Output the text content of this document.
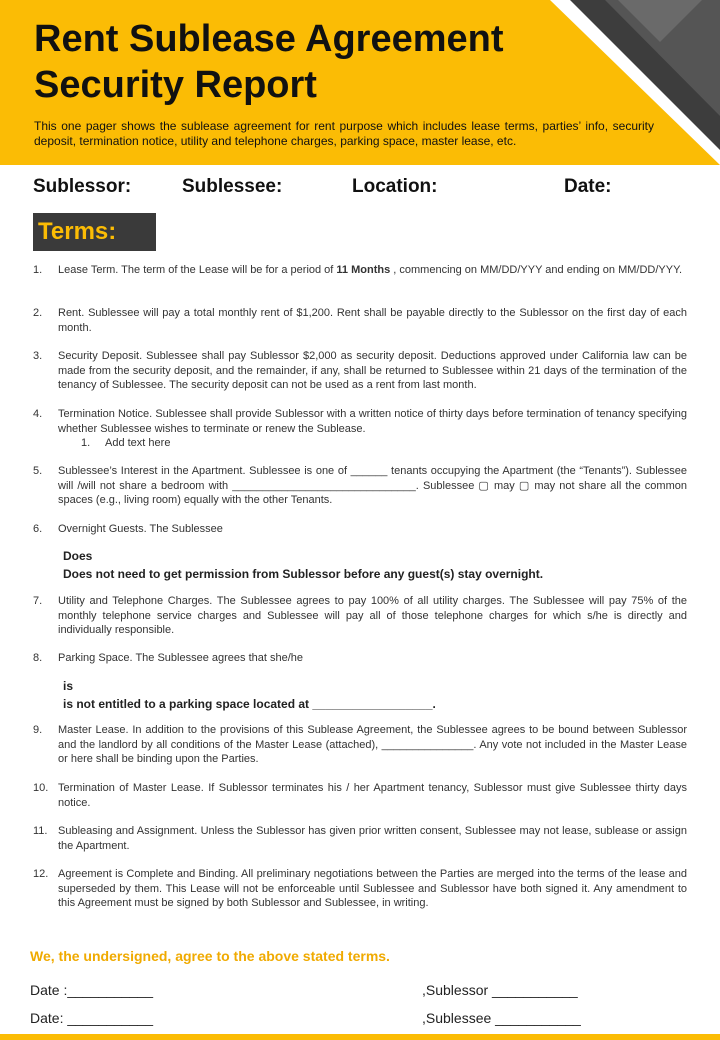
Rent Sublease Agreement
Security Report
This one pager shows the sublease agreement for rent purpose which includes lease terms, parties’ info, security deposit, termination notice, utility and telephone charges, parking space, master lease, etc.
Sublessor:	Sublessee:	Location:	Date:
Terms:
1.	Lease Term. The term of the Lease will be for a period of 11 Months , commencing on MM/DD/YYY and ending on MM/DD/YYY.
2.	Rent. Sublessee will pay a total monthly rent of $1,200. Rent shall be payable directly to the Sublessor on the first day of each month.
3.	Security Deposit. Sublessee shall pay Sublessor $2,000 as security deposit. Deductions approved under California law can be made from the security deposit, and the remainder, if any, shall be returned to Sublessee within 21 days of the termination of the tenancy of Sublessee. The security deposit can not be used as a rent from last month.
4.	Termination Notice. Sublessee shall provide Sublessor with a written notice of thirty days before termination of tenancy specifying whether Sublessee wishes to terminate or renew the Sublease.
1. Add text here
5.	Sublessee’s Interest in the Apartment. Sublessee is one of ______ tenants occupying the Apartment (the “Tenants”). Sublessee will /will not share a bedroom with ______________________________. Sublessee ▢ may ▢ may not share all the common spaces (e.g., living room) equally with the other Tenants.
6.	Overnight Guests. The Sublessee
Does
Does not need to get permission from Sublessor before any guest(s) stay overnight.
7.	Utility and Telephone Charges. The Sublessee agrees to pay 100% of all utility charges. The Sublessee will pay 75% of the monthly telephone service charges and Sublessee will pay all of those telephone charges for which s/he is directly and individually responsible.
8.	Parking Space. The Sublessee agrees that she/he
is
is not entitled to a parking space located at __________________.
9.	Master Lease. In addition to the provisions of this Sublease Agreement, the Sublessee agrees to be bound between Sublessor and the landlord by all conditions of the Master Lease (attached), _______________. Any vote not included in the Master Lease or here shall be binding upon the Parties.
10. Termination of Master Lease. If Sublessor terminates his / her Apartment tenancy, Sublessor must give Sublessee thirty days notice.
11. Subleasing and Assignment. Unless the Sublessor has given prior written consent, Sublessee may not lease, sublease or assign the Apartment.
12. Agreement is Complete and Binding. All preliminary negotiations between the Parties are merged into the terms of the lease and superseded by them. This Lease will not be enforceable until Sublessee and Sublessor have both signed it. Any amendment to this Agreement must be signed by both Sublessor and Sublessee, in writing.
We, the undersigned, agree to the above stated terms.
Date :___________	,Sublessor ___________
Date: ___________	,Sublessee ___________
